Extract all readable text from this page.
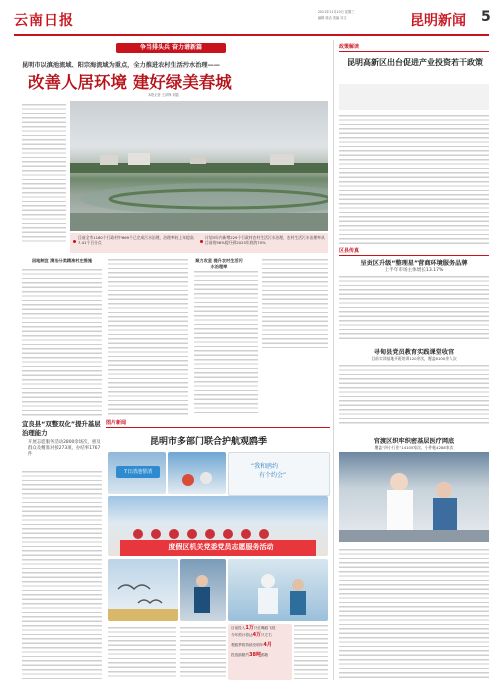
云南日报
2021年11月10日 星期三
编辑 骆洁 美编 亦文	昆明新闻 5
争当排头兵 奋力谱新篇
昆明市以滇池流域、阳宗海流域为重点，全力推进农村生活污水治理——
改善人居环境 建好绿美春城
本报记者 王泽锋 刘霞
目前全市1180个行政村中669个已完成污水治理，治理率较上年提高7.41个百分点
计划3年内新增229个行政村农村生活污水治理，农村生活污水治理率从目前的56%提升到2025年底的70%
因地制宜 清治分类精准村庄措施	聚力攻坚 提升农村生活污水治理率
政策解读
昆明高新区出台促进产业投资若干政策
区县传真
呈贡区升级“整理星”营商环境服务品牌
上半年市场主体增长13.17%
寻甸县党员教育实践课堂收官
目前实训基地开班培训120余次，覆盖6100余人次
官渡区织牢织密基层医疗网底
覆盖“四小行业”14105家次，小件帐4288家次
宜良县“双整双化”提升基层治理能力
开展志愿服务活动2800余场次，惠及群众及精准对接273项，办结事1767件
图片新闻
昆明市多部门联合护航观鸥季
7日清池帮清
“我和鸥约
有个约会”
度假区机关党委党员志愿服务活动
目前投入1万只红嘴鸥飞抵
今年预计将达4万只左右
观鸥季将持续至明年4月
投放鸥粮约38吨鸥粮
